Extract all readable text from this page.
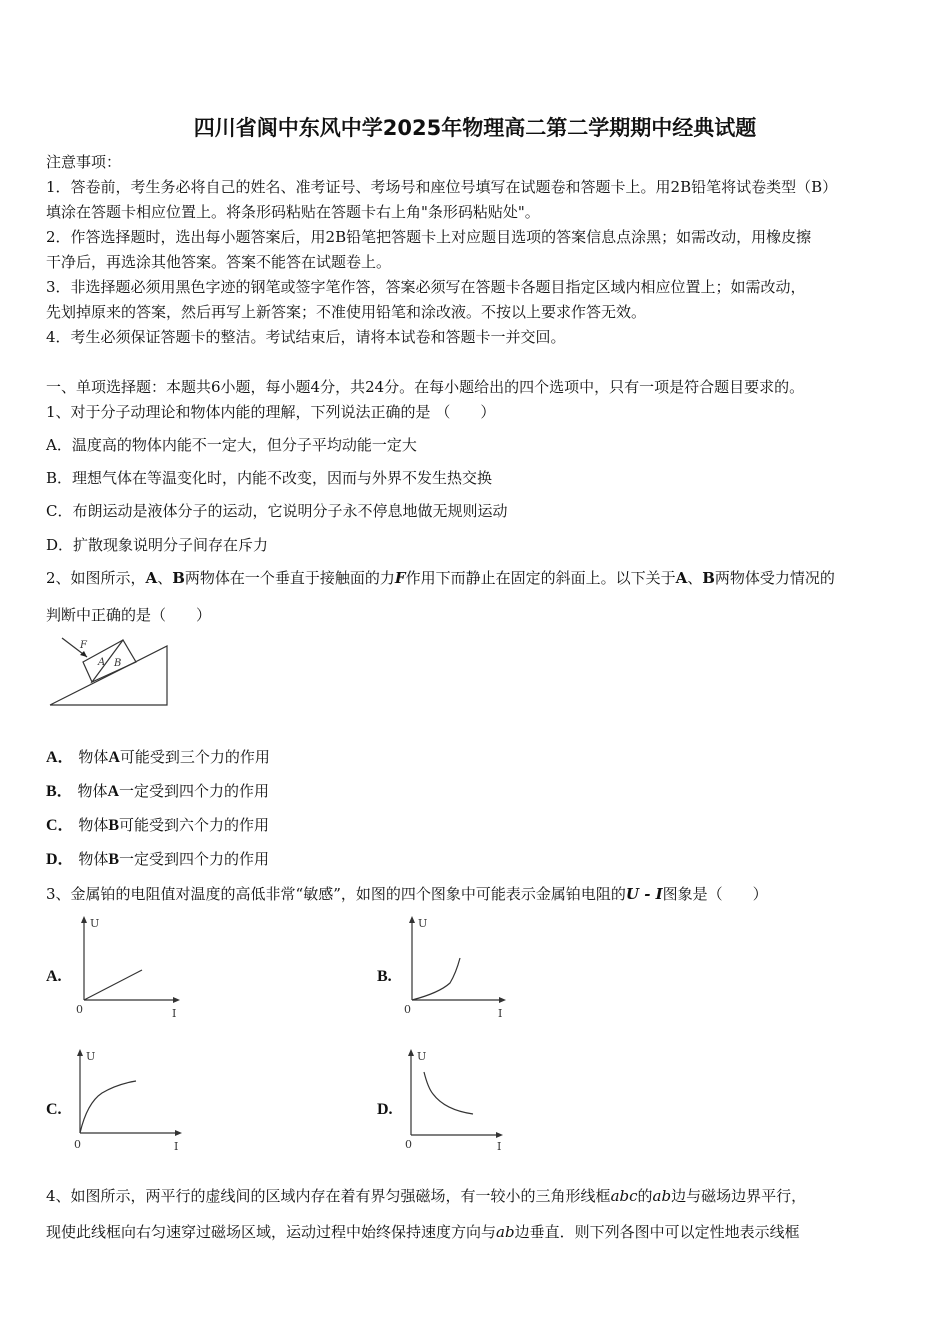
四川省阆中东风中学2025年物理高二第二学期期中经典试题
注意事项：
1．答卷前，考生务必将自己的姓名、准考证号、考场号和座位号填写在试题卷和答题卡上。用2B铅笔将试卷类型（B）
填涂在答题卡相应位置上。将条形码粘贴在答题卡右上角"条形码粘贴处"。
2．作答选择题时，选出每小题答案后，用2B铅笔把答题卡上对应题目选项的答案信息点涂黑；如需改动，用橡皮擦
干净后，再选涂其他答案。答案不能答在试题卷上。
3．非选择题必须用黑色字迹的钢笔或签字笔作答，答案必须写在答题卡各题目指定区域内相应位置上；如需改动，
先划掉原来的答案，然后再写上新答案；不准使用铅笔和涂改液。不按以上要求作答无效。
4．考生必须保证答题卡的整洁。考试结束后，请将本试卷和答题卡一并交回。
一、单项选择题：本题共6小题，每小题4分，共24分。在每小题给出的四个选项中，只有一项是符合题目要求的。
1、对于分子动理论和物体内能的理解，下列说法正确的是 （　　）
A．温度高的物体内能不一定大，但分子平均动能一定大
B．理想气体在等温变化时，内能不改变，因而与外界不发生热交换
C．布朗运动是液体分子的运动，它说明分子永不停息地做无规则运动
D．扩散现象说明分子间存在斥力
2、如图所示，A、B两物体在一个垂直于接触面的力F作用下而静止在固定的斜面上。以下关于A、B两物体受力情况的
判断中正确的是（　　）
F
A B
A． 物体A可能受到三个力的作用
B． 物体A一定受到四个力的作用
C． 物体B可能受到六个力的作用
D． 物体B一定受到四个力的作用
3、金属铂的电阻值对温度的高低非常“敏感”，如图的四个图象中可能表示金属铂电阻的U - I图象是（　　）
A.
U
I
0
B.
U
I
0
C.
U
I
0
D.
U
I
0
4、如图所示，两平行的虚线间的区域内存在着有界匀强磁场，有一较小的三角形线框abc的ab边与磁场边界平行，
现使此线框向右匀速穿过磁场区域，运动过程中始终保持速度方向与ab边垂直．则下列各图中可以定性地表示线框
